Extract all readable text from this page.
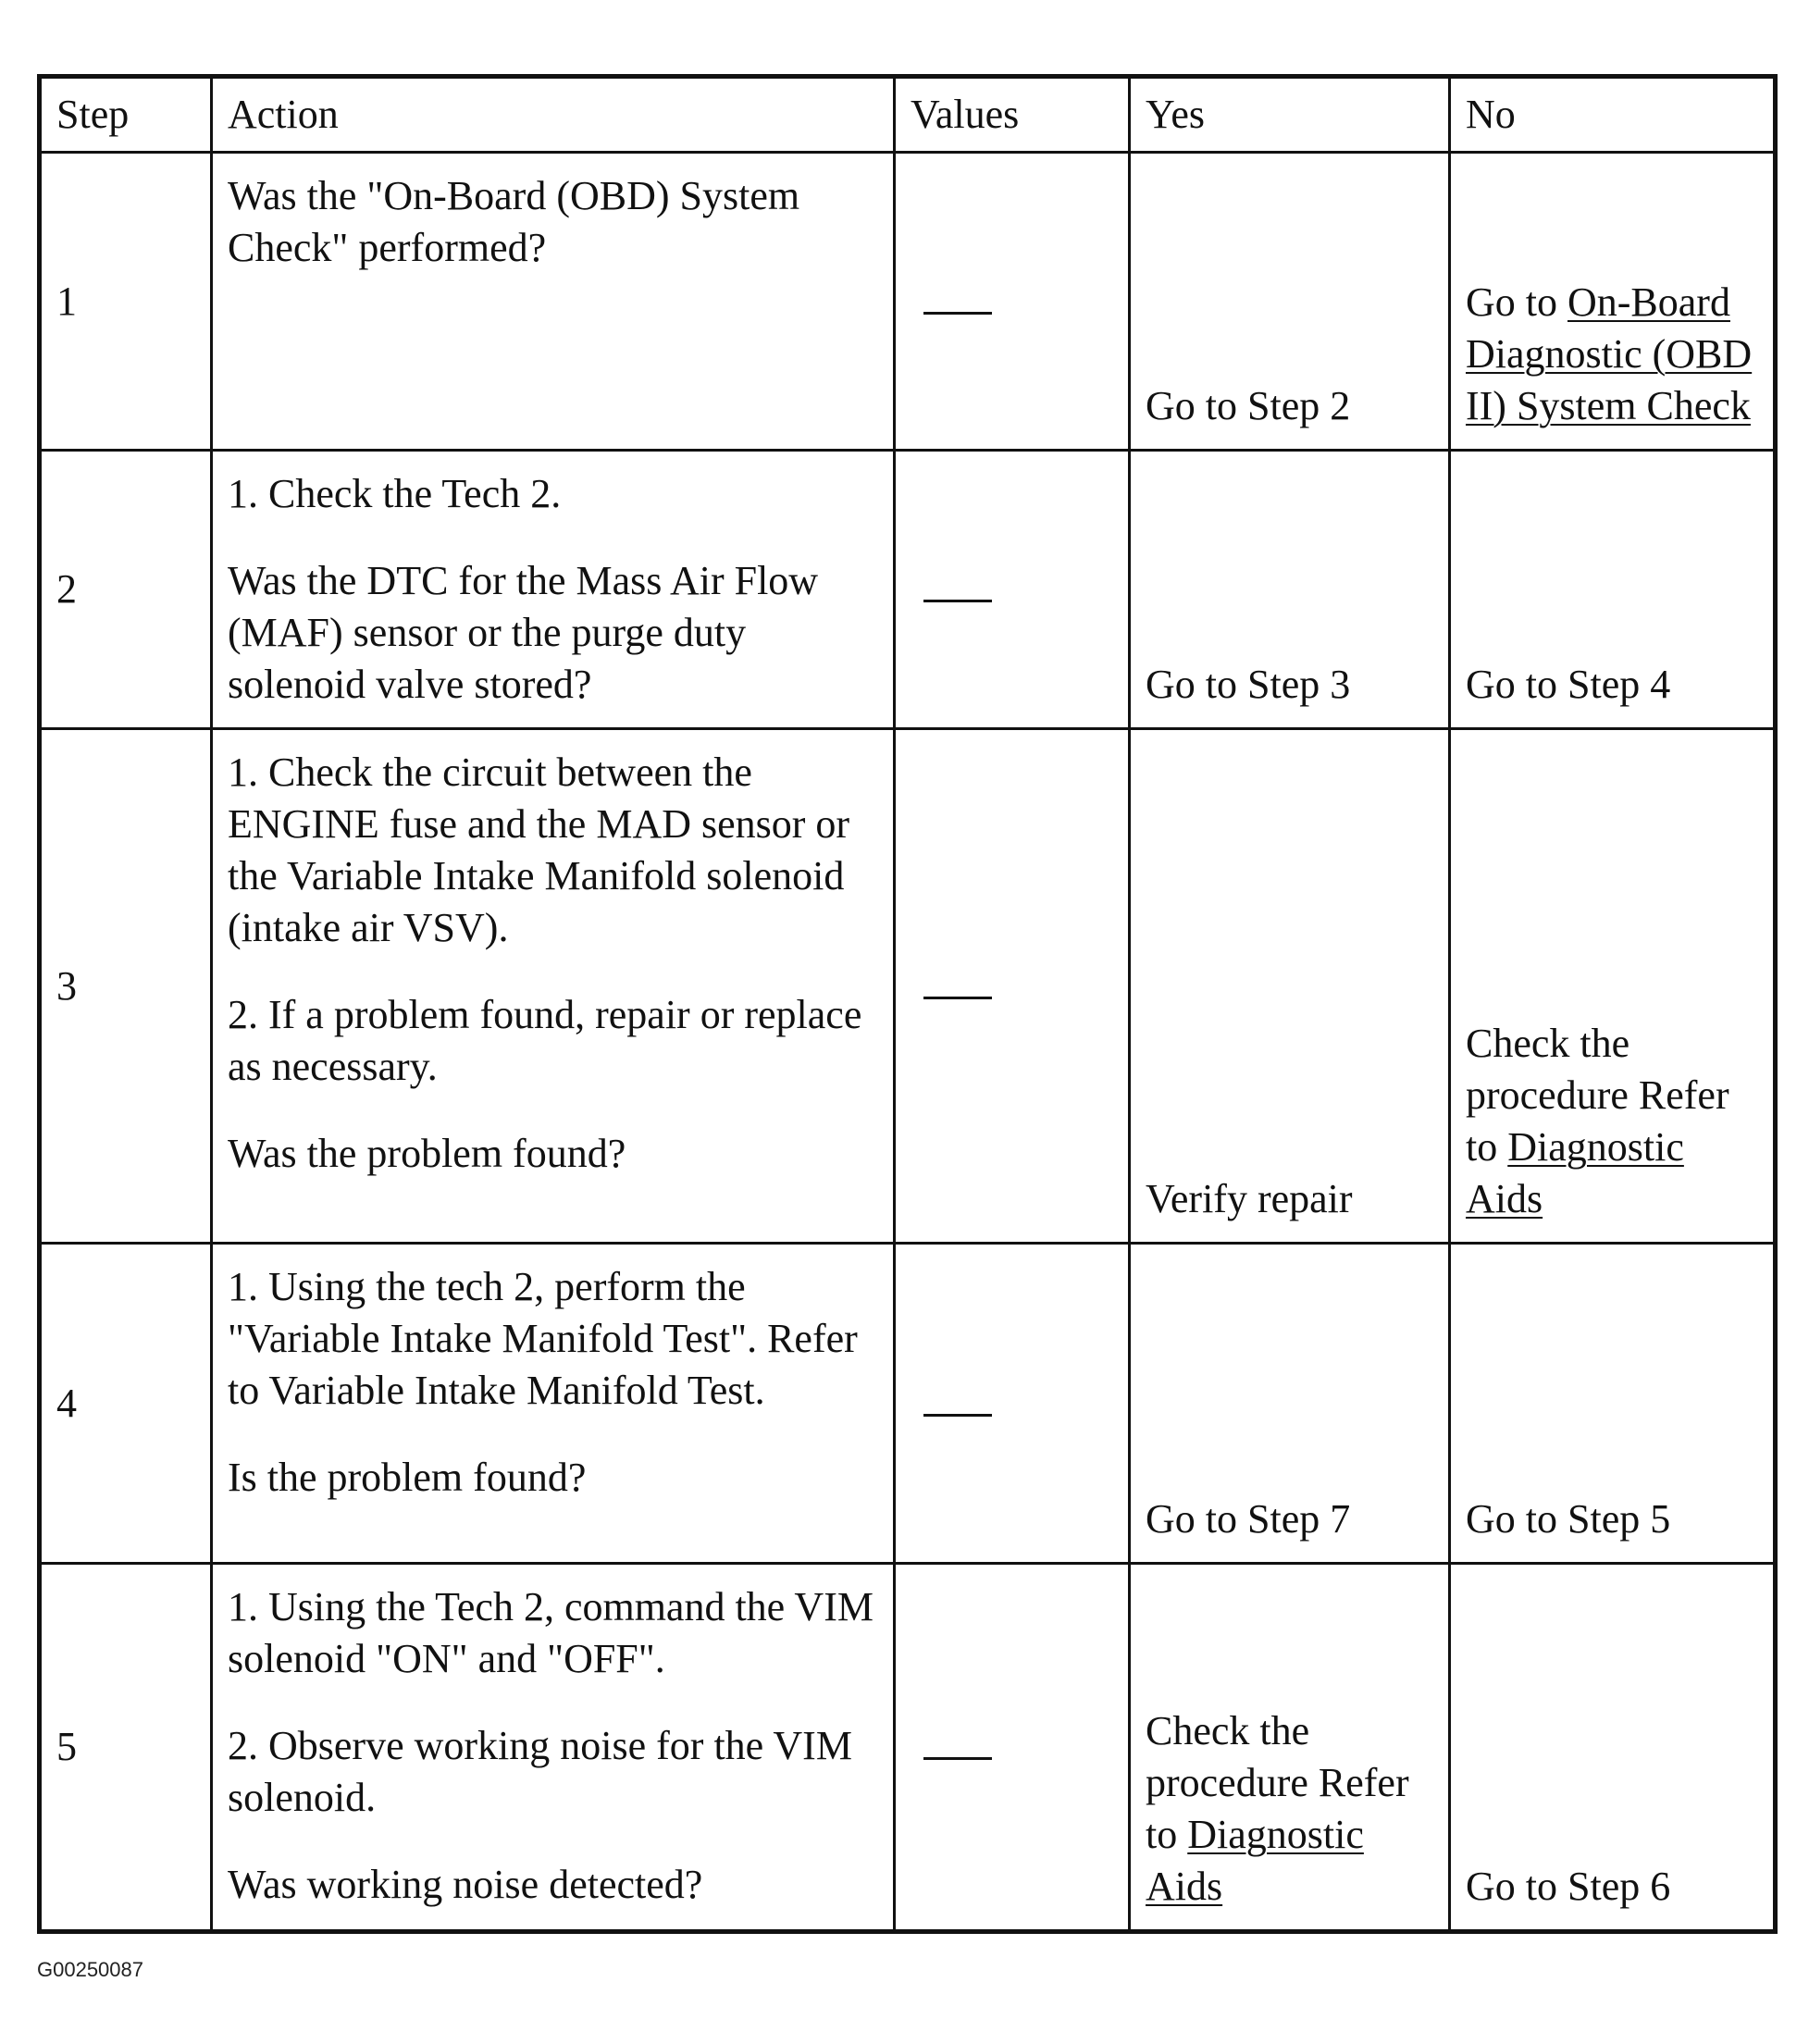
Step	Action	Values	Yes	No
1	Was the "On-Board (OBD) System Check" performed?		Go to Step 2	Go to On-Board Diagnostic (OBD II) System Check
2	1. Check the Tech 2.

Was the DTC for the Mass Air Flow (MAF) sensor or the purge duty solenoid valve stored?		Go to Step 3	Go to Step 4
3	1. Check the circuit between the ENGINE fuse and the MAD sensor or the Variable Intake Manifold solenoid (intake air VSV).

2. If a problem found, repair or replace as necessary.

Was the problem found?		Verify repair	Check the procedure Refer to Diagnostic Aids
4	1. Using the tech 2, perform the "Variable Intake Manifold Test". Refer to Variable Intake Manifold Test.

Is the problem found?		Go to Step 7	Go to Step 5
5	1. Using the Tech 2, command the VIM solenoid "ON" and "OFF".

2. Observe working noise for the VIM solenoid.

Was working noise detected?		Check the procedure Refer to Diagnostic Aids	Go to Step 6
G00250087
